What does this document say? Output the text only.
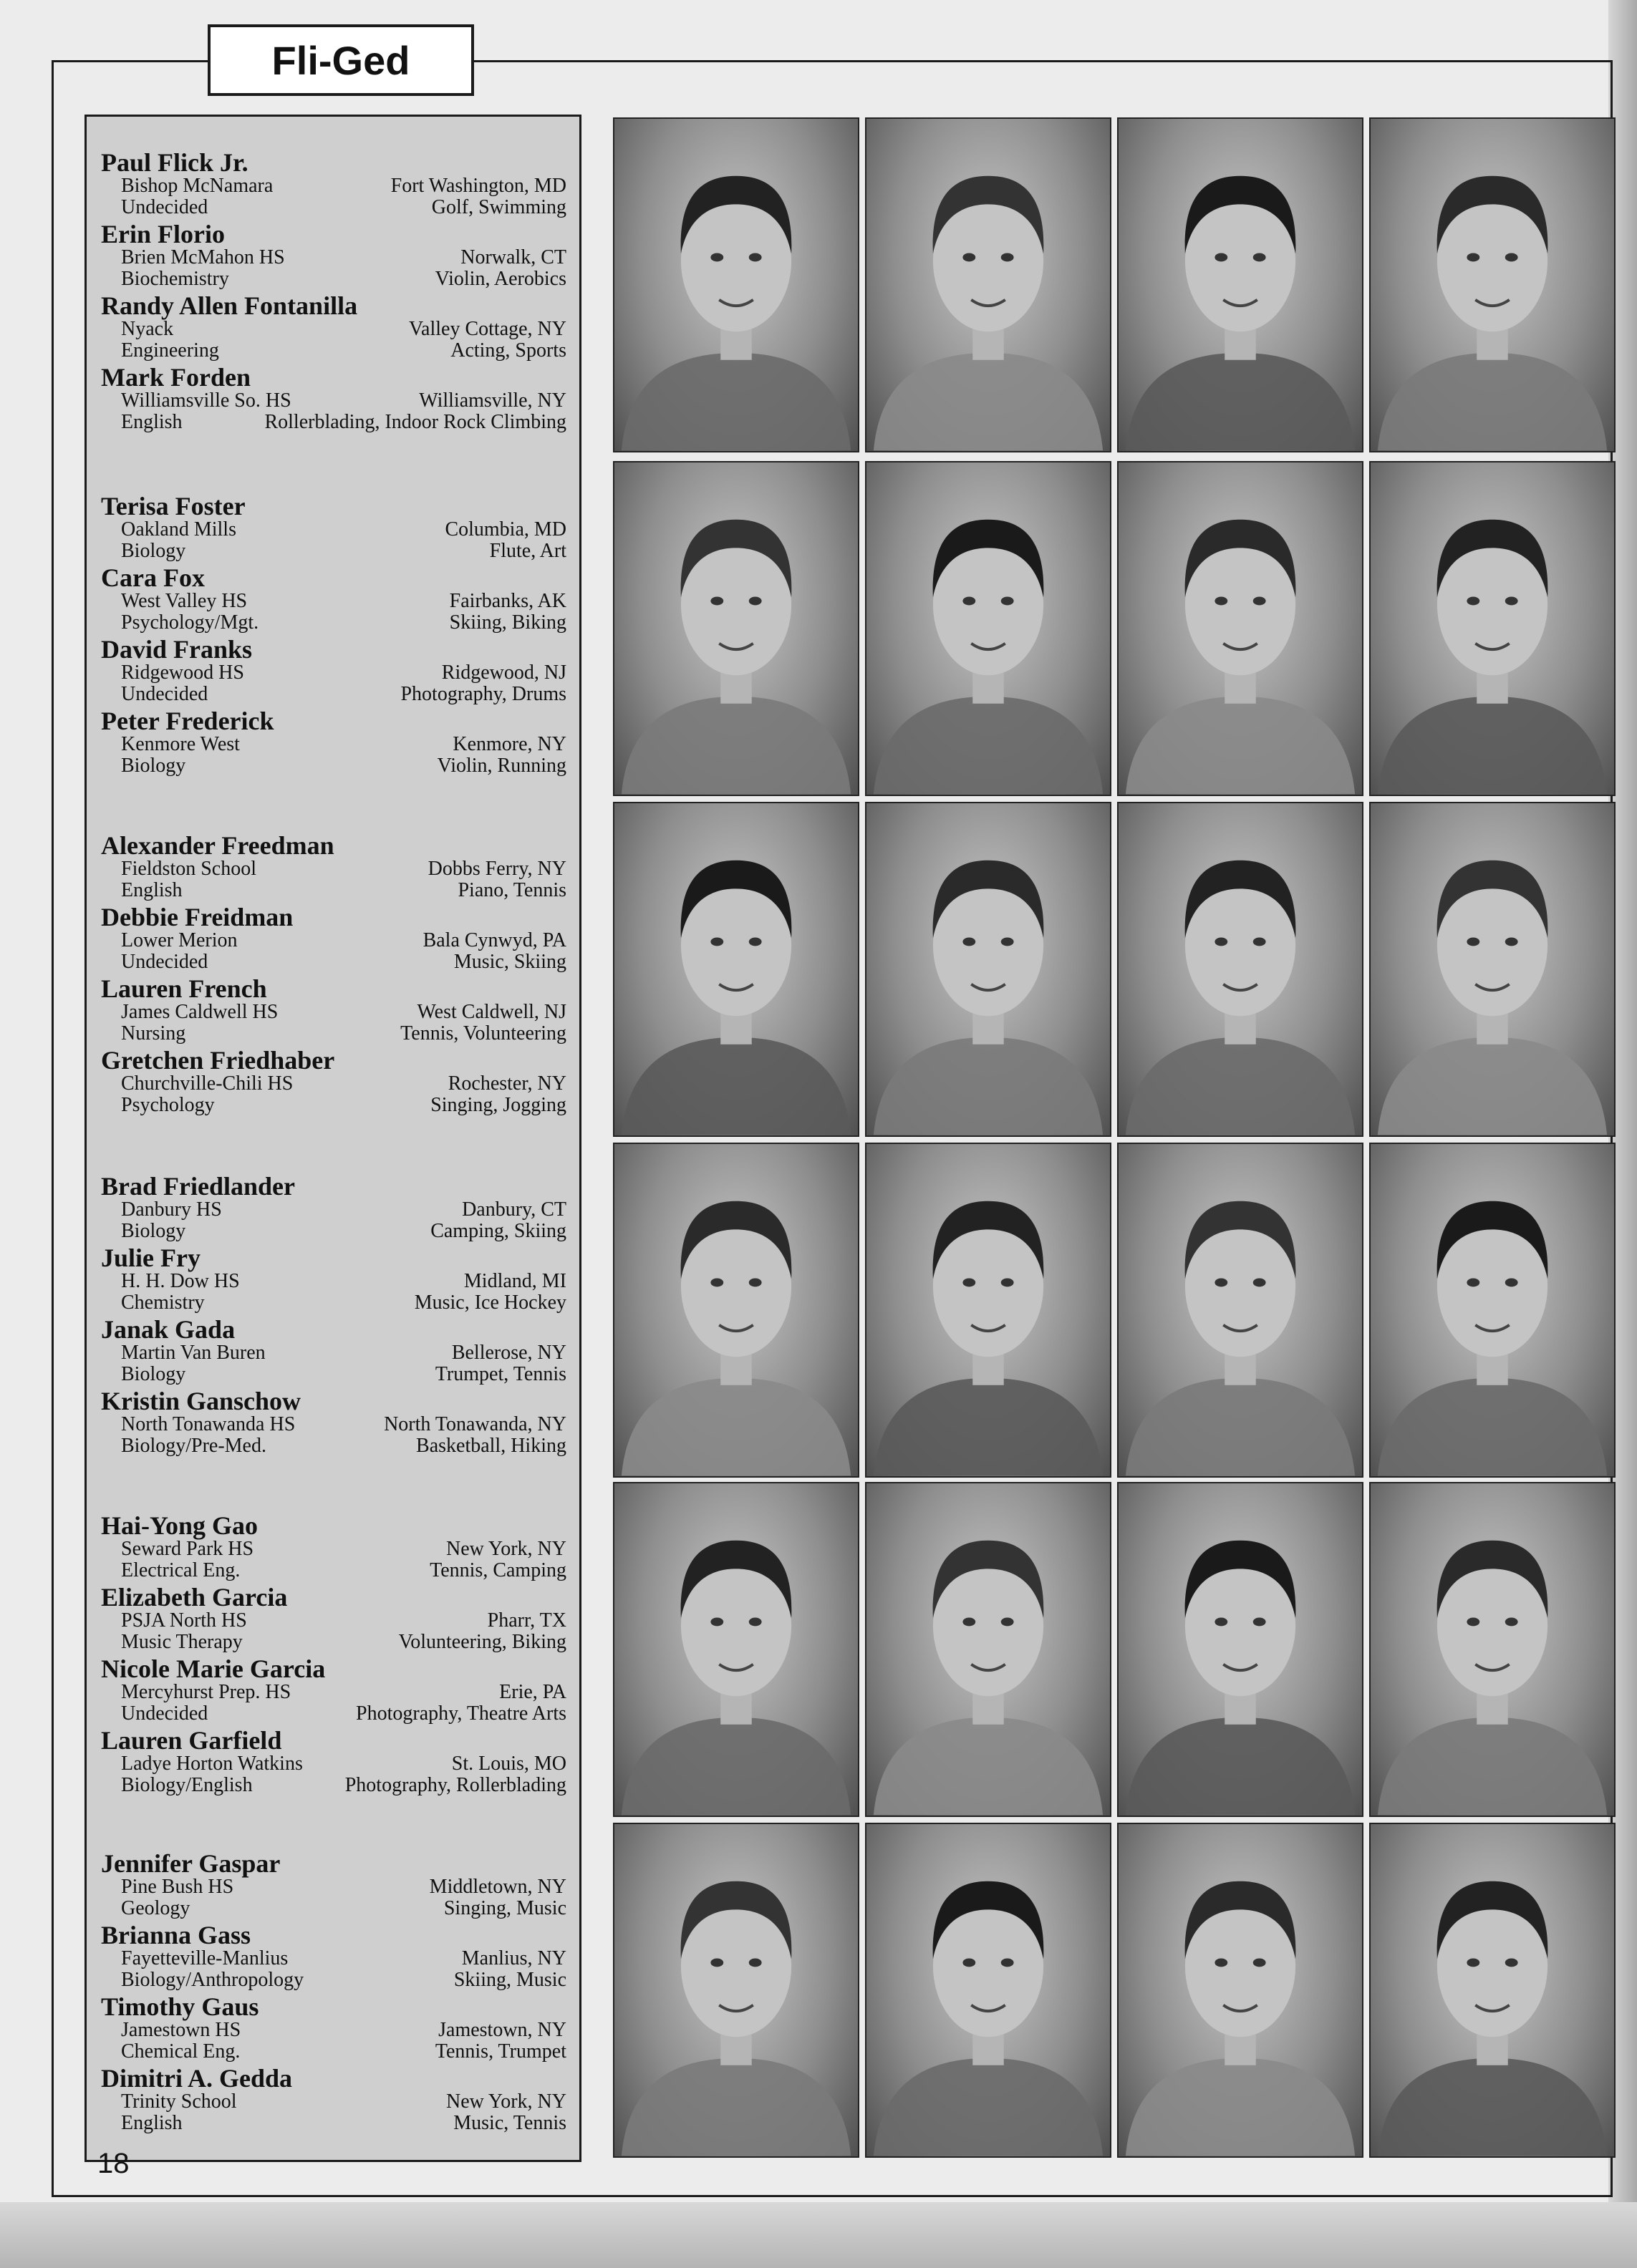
Fli-Ged
Paul Flick Jr.
Bishop McNamara	Fort Washington, MD
Undecided	Golf, Swimming
Erin Florio
Brien McMahon HS	Norwalk, CT
Biochemistry	Violin, Aerobics
Randy Allen Fontanilla
Nyack	Valley Cottage, NY
Engineering	Acting, Sports
Mark Forden
Williamsville So. HS	Williamsville, NY
English	Rollerblading, Indoor Rock Climbing
Terisa Foster
Oakland Mills	Columbia, MD
Biology	Flute, Art
Cara Fox
West Valley HS	Fairbanks, AK
Psychology/Mgt.	Skiing, Biking
David Franks
Ridgewood HS	Ridgewood, NJ
Undecided	Photography, Drums
Peter Frederick
Kenmore West	Kenmore, NY
Biology	Violin, Running
Alexander Freedman
Fieldston School	Dobbs Ferry, NY
English	Piano, Tennis
Debbie Freidman
Lower Merion	Bala Cynwyd, PA
Undecided	Music, Skiing
Lauren French
James Caldwell HS	West Caldwell, NJ
Nursing	Tennis, Volunteering
Gretchen Friedhaber
Churchville-Chili HS	Rochester, NY
Psychology	Singing, Jogging
Brad Friedlander
Danbury HS	Danbury, CT
Biology	Camping, Skiing
Julie Fry
H. H. Dow HS	Midland, MI
Chemistry	Music, Ice Hockey
Janak Gada
Martin Van Buren	Bellerose, NY
Biology	Trumpet, Tennis
Kristin Ganschow
North Tonawanda HS	North Tonawanda, NY
Biology/Pre-Med.	Basketball, Hiking
Hai-Yong Gao
Seward Park HS	New York, NY
Electrical Eng.	Tennis, Camping
Elizabeth Garcia
PSJA North HS	Pharr, TX
Music Therapy	Volunteering, Biking
Nicole Marie Garcia
Mercyhurst Prep. HS	Erie, PA
Undecided	Photography, Theatre Arts
Lauren Garfield
Ladye Horton Watkins	St. Louis, MO
Biology/English	Photography, Rollerblading
Jennifer Gaspar
Pine Bush HS	Middletown, NY
Geology	Singing, Music
Brianna Gass
Fayetteville-Manlius	Manlius, NY
Biology/Anthropology	Skiing, Music
Timothy Gaus
Jamestown HS	Jamestown, NY
Chemical Eng.	Tennis, Trumpet
Dimitri A. Gedda
Trinity School	New York, NY
English	Music, Tennis
18
